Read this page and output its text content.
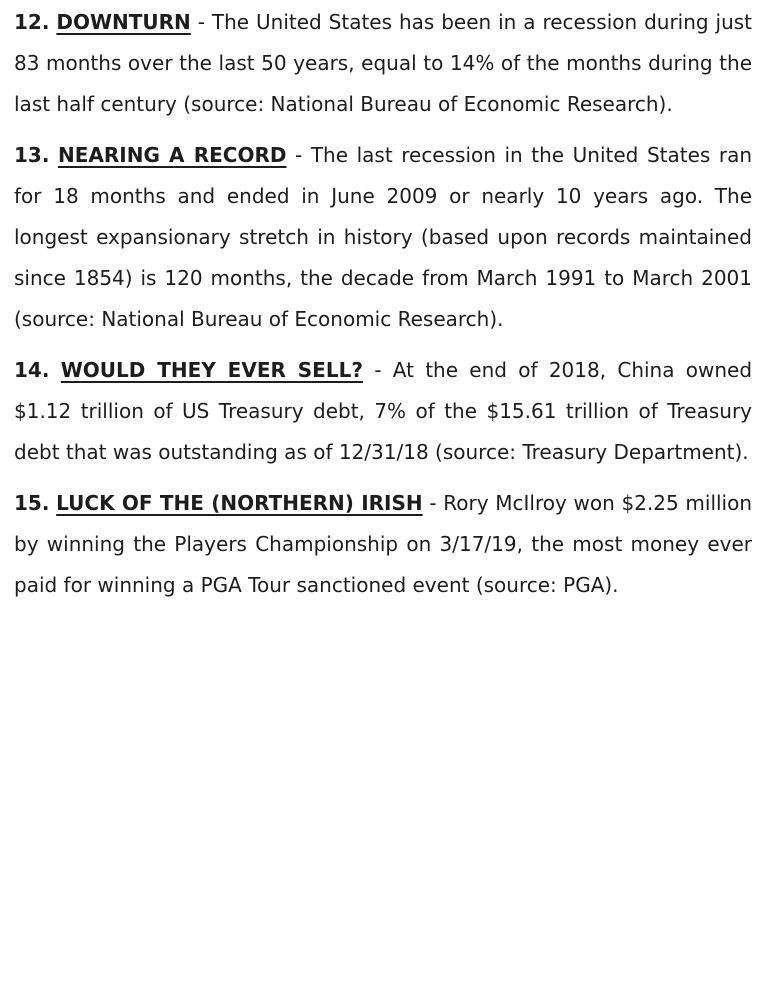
12. DOWNTURN - The United States has been in a recession during just 83 months over the last 50 years, equal to 14% of the months during the last half century (source: National Bureau of Economic Research).

13. NEARING A RECORD - The last recession in the United States ran for 18 months and ended in June 2009 or nearly 10 years ago. The longest expansionary stretch in history (based upon records maintained since 1854) is 120 months, the decade from March 1991 to March 2001 (source: National Bureau of Economic Research).

14. WOULD THEY EVER SELL? - At the end of 2018, China owned $1.12 trillion of US Treasury debt, 7% of the $15.61 trillion of Treasury debt that was outstanding as of 12/31/18 (source: Treasury Department).

15. LUCK OF THE (NORTHERN) IRISH - Rory McIlroy won $2.25 million by winning the Players Championship on 3/17/19, the most money ever paid for winning a PGA Tour sanctioned event (source: PGA).
